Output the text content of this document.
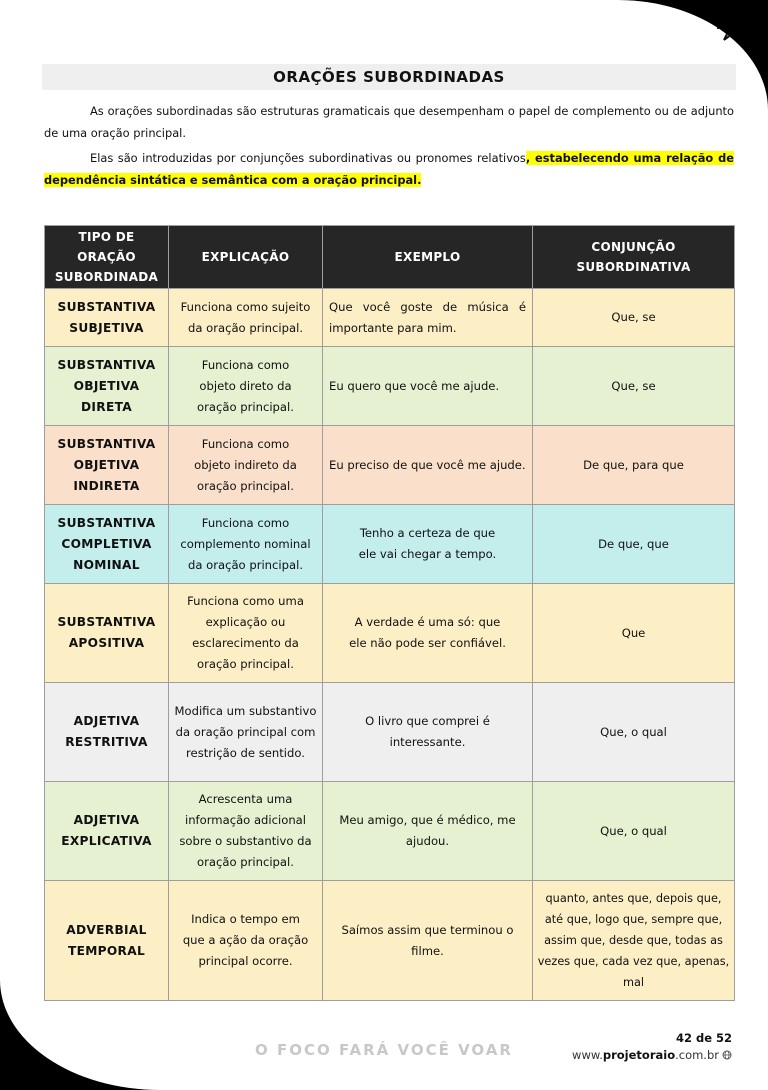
ORAÇÕES SUBORDINADAS

As orações subordinadas são estruturas gramaticais que desempenham o papel de complemento ou de adjunto de uma oração principal.

Elas são introduzidas por conjunções subordinativas ou pronomes relativos, estabelecendo uma relação de dependência sintática e semântica com a oração principal.

TIPO DE ORAÇÃO SUBORDINADA	EXPLICAÇÃO	EXEMPLO	CONJUNÇÃO SUBORDINATIVA
SUBSTANTIVA SUBJETIVA	Funciona como sujeito da oração principal.	Que você goste de música é importante para mim.	Que, se
SUBSTANTIVA OBJETIVA DIRETA	Funciona como objeto direto da oração principal.	Eu quero que você me ajude.	Que, se
SUBSTANTIVA OBJETIVA INDIRETA	Funciona como objeto indireto da oração principal.	Eu preciso de que você me ajude.	De que, para que
SUBSTANTIVA COMPLETIVA NOMINAL	Funciona como complemento nominal da oração principal.	Tenho a certeza de que ele vai chegar a tempo.	De que, que
SUBSTANTIVA APOSITIVA	Funciona como uma explicação ou esclarecimento da oração principal.	A verdade é uma só: que ele não pode ser confiável.	Que
ADJETIVA RESTRITIVA	Modifica um substantivo da oração principal com restrição de sentido.	O livro que comprei é interessante.	Que, o qual
ADJETIVA EXPLICATIVA	Acrescenta uma informação adicional sobre o substantivo da oração principal.	Meu amigo, que é médico, me ajudou.	Que, o qual
ADVERBIAL TEMPORAL	Indica o tempo em que a ação da oração principal ocorre.	Saímos assim que terminou o filme.	quanto, antes que, depois que, até que, logo que, sempre que, assim que, desde que, todas as vezes que, cada vez que, apenas, mal
O FOCO FARÁ VOCÊ VOAR
42 de 52
www.projetoraio.com.br
